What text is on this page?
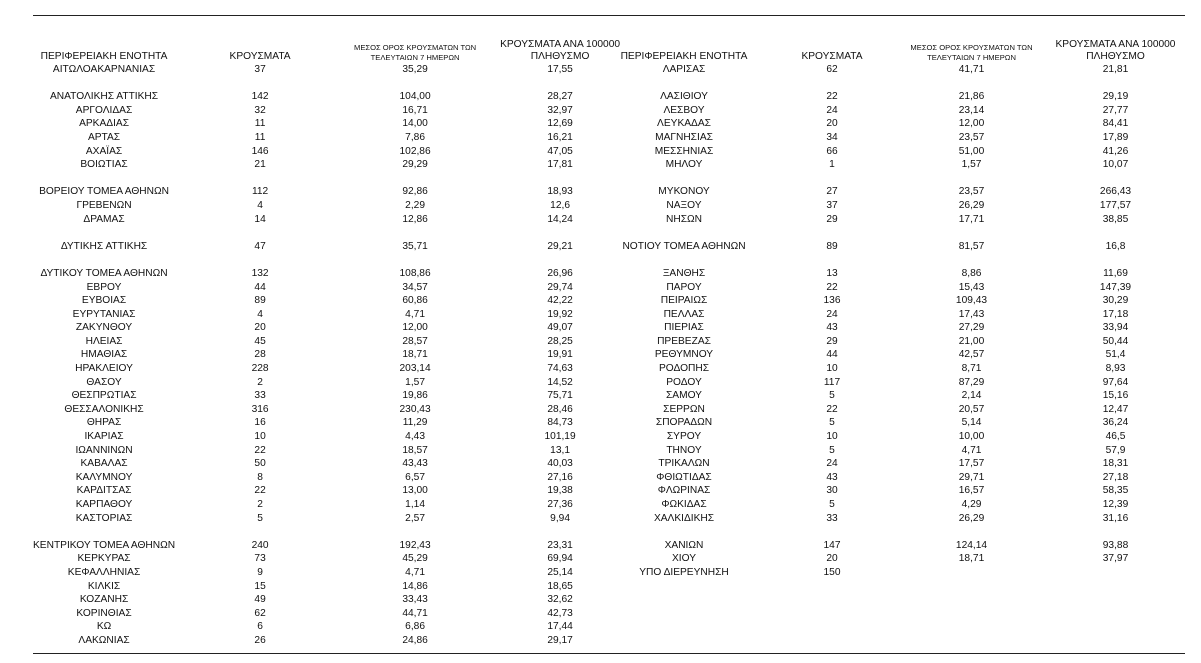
ΠΕΡΙΦΕΡΕΙΑΚΗ ΕΝΟΤΗΤΑ	ΚΡΟΥΣΜΑΤΑ	ΜΕΣΟΣ ΟΡΟΣ ΚΡΟΥΣΜΑΤΩΝ ΤΩΝ
ΤΕΛΕΥΤΑΙΩΝ 7 ΗΜΕΡΩΝ	ΚΡΟΥΣΜΑΤΑ ΑΝΑ 100000
ΠΛΗΘΥΣΜΟ
ΑΙΤΩΛΟΑΚΑΡΝΑΝΙΑΣ	37	35,29	17,55

ΑΝΑΤΟΛΙΚΗΣ ΑΤΤΙΚΗΣ	142	104,00	28,27
ΑΡΓΟΛΙΔΑΣ	32	16,71	32,97
ΑΡΚΑΔΙΑΣ	11	14,00	12,69
ΑΡΤΑΣ	11	7,86	16,21
ΑΧΑΪΑΣ	146	102,86	47,05
ΒΟΙΩΤΙΑΣ	21	29,29	17,81

ΒΟΡΕΙΟΥ ΤΟΜΕΑ ΑΘΗΝΩΝ	112	92,86	18,93
ΓΡΕΒΕΝΩΝ	4	2,29	12,6
ΔΡΑΜΑΣ	14	12,86	14,24

ΔΥΤΙΚΗΣ ΑΤΤΙΚΗΣ	47	35,71	29,21

ΔΥΤΙΚΟΥ ΤΟΜΕΑ ΑΘΗΝΩΝ	132	108,86	26,96
ΕΒΡΟΥ	44	34,57	29,74
ΕΥΒΟΙΑΣ	89	60,86	42,22
ΕΥΡΥΤΑΝΙΑΣ	4	4,71	19,92
ΖΑΚΥΝΘΟΥ	20	12,00	49,07
ΗΛΕΙΑΣ	45	28,57	28,25
ΗΜΑΘΙΑΣ	28	18,71	19,91
ΗΡΑΚΛΕΙΟΥ	228	203,14	74,63
ΘΑΣΟΥ	2	1,57	14,52
ΘΕΣΠΡΩΤΙΑΣ	33	19,86	75,71
ΘΕΣΣΑΛΟΝΙΚΗΣ	316	230,43	28,46
ΘΗΡΑΣ	16	11,29	84,73
ΙΚΑΡΙΑΣ	10	4,43	101,19
ΙΩΑΝΝΙΝΩΝ	22	18,57	13,1
ΚΑΒΑΛΑΣ	50	43,43	40,03
ΚΑΛΥΜΝΟΥ	8	6,57	27,16
ΚΑΡΔΙΤΣΑΣ	22	13,00	19,38
ΚΑΡΠΑΘΟΥ	2	1,14	27,36
ΚΑΣΤΟΡΙΑΣ	5	2,57	9,94

ΚΕΝΤΡΙΚΟΥ ΤΟΜΕΑ ΑΘΗΝΩΝ	240	192,43	23,31
ΚΕΡΚΥΡΑΣ	73	45,29	69,94
ΚΕΦΑΛΛΗΝΙΑΣ	9	4,71	25,14
ΚΙΛΚΙΣ	15	14,86	18,65
ΚΟΖΑΝΗΣ	49	33,43	32,62
ΚΟΡΙΝΘΙΑΣ	62	44,71	42,73
ΚΩ	6	6,86	17,44
ΛΑΚΩΝΙΑΣ	26	24,86	29,17
ΠΕΡΙΦΕΡΕΙΑΚΗ ΕΝΟΤΗΤΑ	ΚΡΟΥΣΜΑΤΑ	ΜΕΣΟΣ ΟΡΟΣ ΚΡΟΥΣΜΑΤΩΝ ΤΩΝ
ΤΕΛΕΥΤΑΙΩΝ 7 ΗΜΕΡΩΝ	ΚΡΟΥΣΜΑΤΑ ΑΝΑ 100000
ΠΛΗΘΥΣΜΟ
ΛΑΡΙΣΑΣ	62	41,71	21,81

ΛΑΣΙΘΙΟΥ	22	21,86	29,19
ΛΕΣΒΟΥ	24	23,14	27,77
ΛΕΥΚΑΔΑΣ	20	12,00	84,41
ΜΑΓΝΗΣΙΑΣ	34	23,57	17,89
ΜΕΣΣΗΝΙΑΣ	66	51,00	41,26
ΜΗΛΟΥ	1	1,57	10,07

ΜΥΚΟΝΟΥ	27	23,57	266,43
ΝΑΞΟΥ	37	26,29	177,57
ΝΗΣΩΝ	29	17,71	38,85

ΝΟΤΙΟΥ ΤΟΜΕΑ ΑΘΗΝΩΝ	89	81,57	16,8

ΞΑΝΘΗΣ	13	8,86	11,69
ΠΑΡΟΥ	22	15,43	147,39
ΠΕΙΡΑΙΩΣ	136	109,43	30,29
ΠΕΛΛΑΣ	24	17,43	17,18
ΠΙΕΡΙΑΣ	43	27,29	33,94
ΠΡΕΒΕΖΑΣ	29	21,00	50,44
ΡΕΘΥΜΝΟΥ	44	42,57	51,4
ΡΟΔΟΠΗΣ	10	8,71	8,93
ΡΟΔΟΥ	117	87,29	97,64
ΣΑΜΟΥ	5	2,14	15,16
ΣΕΡΡΩΝ	22	20,57	12,47
ΣΠΟΡΑΔΩΝ	5	5,14	36,24
ΣΥΡΟΥ	10	10,00	46,5
ΤΗΝΟΥ	5	4,71	57,9
ΤΡΙΚΑΛΩΝ	24	17,57	18,31
ΦΘΙΩΤΙΔΑΣ	43	29,71	27,18
ΦΛΩΡΙΝΑΣ	30	16,57	58,35
ΦΩΚΙΔΑΣ	5	4,29	12,39
ΧΑΛΚΙΔΙΚΗΣ	33	26,29	31,16

ΧΑΝΙΩΝ	147	124,14	93,88
ΧΙΟΥ	20	18,71	37,97
ΥΠΟ ΔΙΕΡΕΥΝΗΣΗ	150		
